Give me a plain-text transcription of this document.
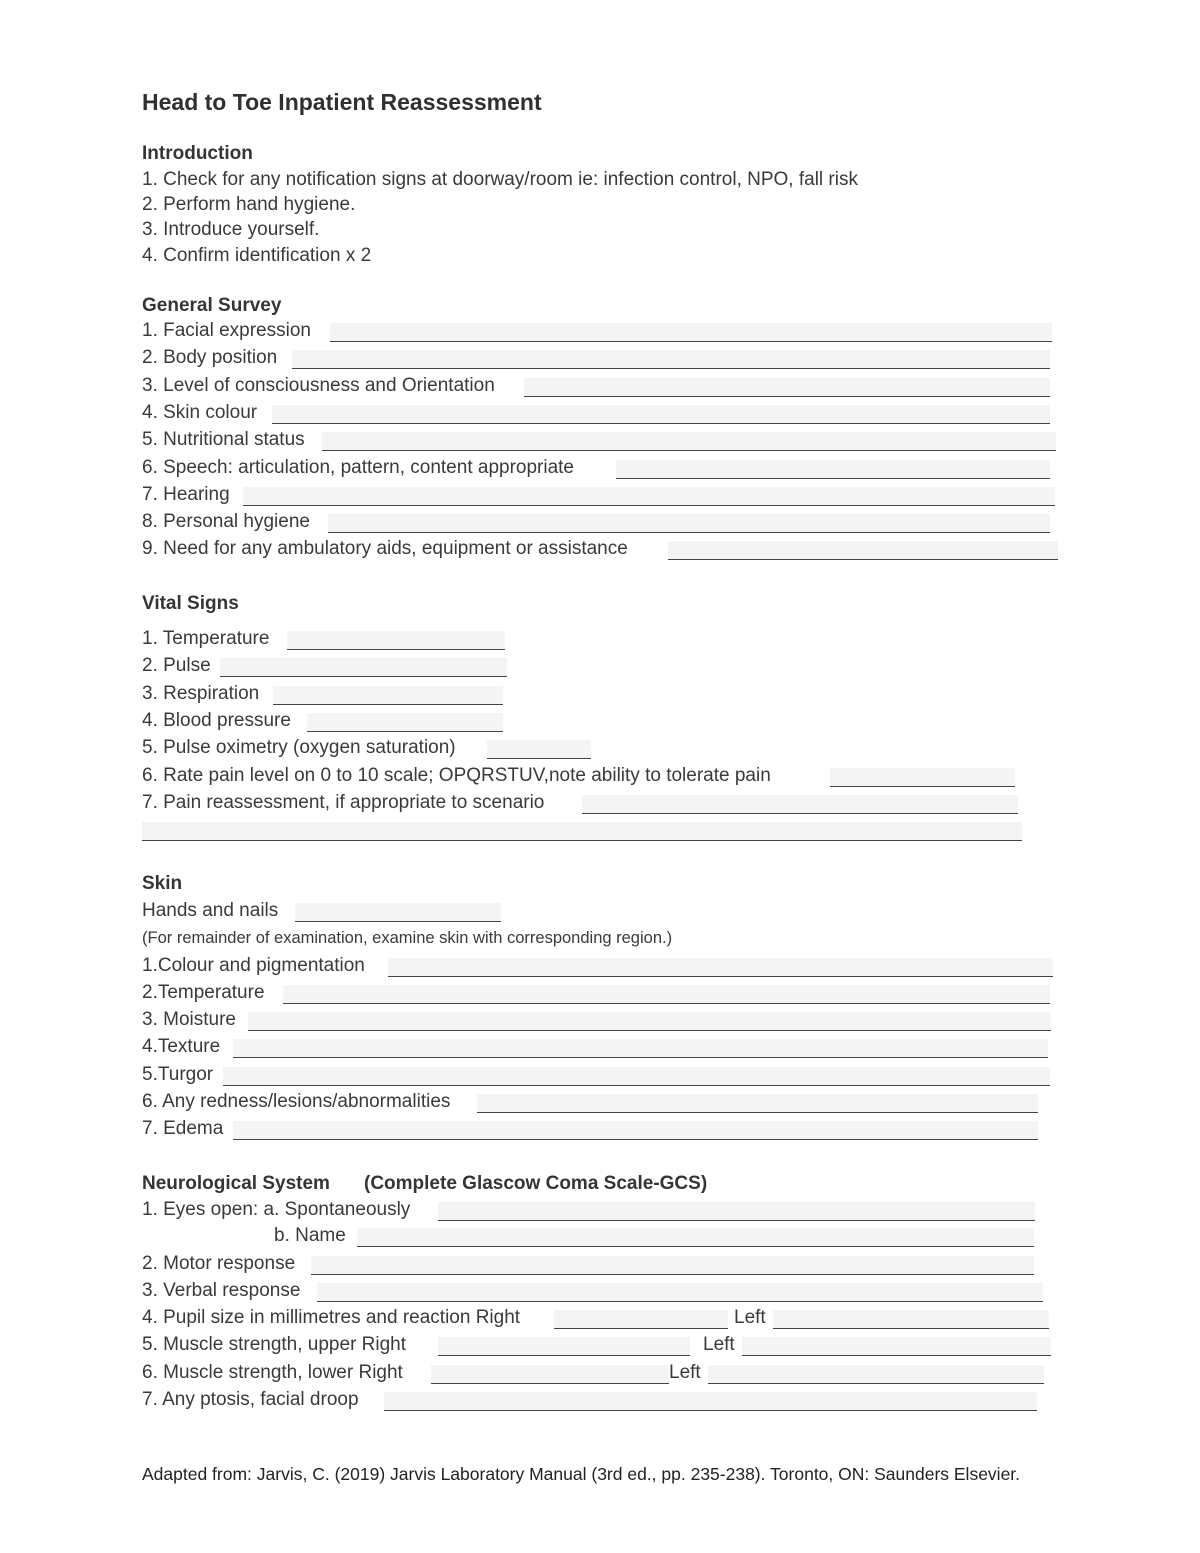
Head to Toe Inpatient Reassessment
Introduction
1. Check for any notification signs at doorway/room ie: infection control, NPO, fall risk
2. Perform hand hygiene.
3. Introduce yourself.
4. Confirm identification x 2
General Survey
1. Facial expression
2. Body position
3. Level of consciousness and Orientation
4. Skin colour
5. Nutritional status
6. Speech: articulation, pattern, content appropriate
7. Hearing
8. Personal hygiene
9. Need for any ambulatory aids, equipment or assistance
Vital Signs
1. Temperature
2. Pulse
3. Respiration
4. Blood pressure
5. Pulse oximetry (oxygen saturation)
6. Rate pain level on 0 to 10 scale; OPQRSTUV,note ability to tolerate pain
7. Pain reassessment, if appropriate to scenario
Skin
Hands and nails
(For remainder of examination, examine skin with corresponding region.)
1.Colour and pigmentation
2.Temperature
3. Moisture
4.Texture
5.Turgor
6. Any redness/lesions/abnormalities
7. Edema
Neurological System (Complete Glascow Coma Scale-GCS)
1. Eyes open: a. Spontaneously
b. Name
2. Motor response
3. Verbal response
4. Pupil size in millimetres and reaction Right	Left
5. Muscle strength, upper Right	Left
6. Muscle strength, lower Right	Left
7. Any ptosis, facial droop
Adapted from: Jarvis, C. (2019) Jarvis Laboratory Manual (3rd ed., pp. 235-238). Toronto, ON: Saunders Elsevier.
